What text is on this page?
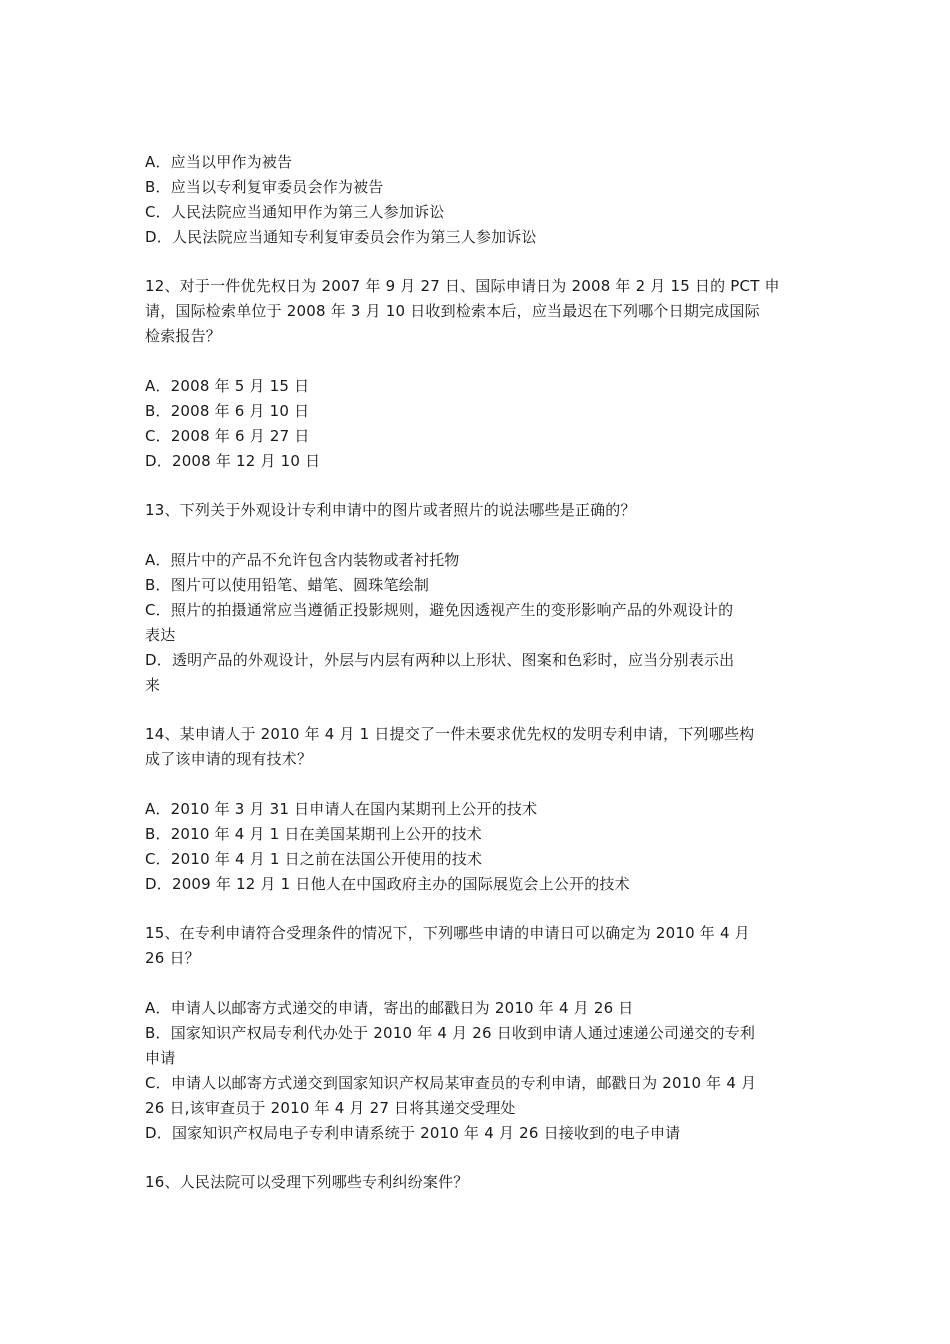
A．应当以甲作为被告
B．应当以专利复审委员会作为被告
C．人民法院应当通知甲作为第三人参加诉讼
D．人民法院应当通知专利复审委员会作为第三人参加诉讼
12、对于一件优先权日为 2007 年 9 月 27 日、国际申请日为 2008 年 2 月 15 日的 PCT 申
请，国际检索单位于 2008 年 3 月 10 日收到检索本后，应当最迟在下列哪个日期完成国际
检索报告？
A．2008 年 5 月 15 日
B．2008 年 6 月 10 日
C．2008 年 6 月 27 日
D．2008 年 12 月 10 日
13、下列关于外观设计专利申请中的图片或者照片的说法哪些是正确的？
A．照片中的产品不允许包含内装物或者衬托物
B．图片可以使用铅笔、蜡笔、圆珠笔绘制
C．照片的拍摄通常应当遵循正投影规则，避免因透视产生的变形影响产品的外观设计的
表达
D．透明产品的外观设计，外层与内层有两种以上形状、图案和色彩时，应当分别表示出
来
14、某申请人于 2010 年 4 月 1 日提交了一件未要求优先权的发明专利申请，下列哪些构
成了该申请的现有技术？
A．2010 年 3 月 31 日申请人在国内某期刊上公开的技术
B．2010 年 4 月 1 日在美国某期刊上公开的技术
C．2010 年 4 月 1 日之前在法国公开使用的技术
D．2009 年 12 月 1 日他人在中国政府主办的国际展览会上公开的技术
15、在专利申请符合受理条件的情况下，下列哪些申请的申请日可以确定为 2010 年 4 月
26 日？
A．申请人以邮寄方式递交的申请，寄出的邮戳日为 2010 年 4 月 26 日
B．国家知识产权局专利代办处于 2010 年 4 月 26 日收到申请人通过速递公司递交的专利
申请
C．申请人以邮寄方式递交到国家知识产权局某审查员的专利申请，邮戳日为 2010 年 4 月
26 日,该审查员于 2010 年 4 月 27 日将其递交受理处
D．国家知识产权局电子专利申请系统于 2010 年 4 月 26 日接收到的电子申请
16、人民法院可以受理下列哪些专利纠纷案件？
